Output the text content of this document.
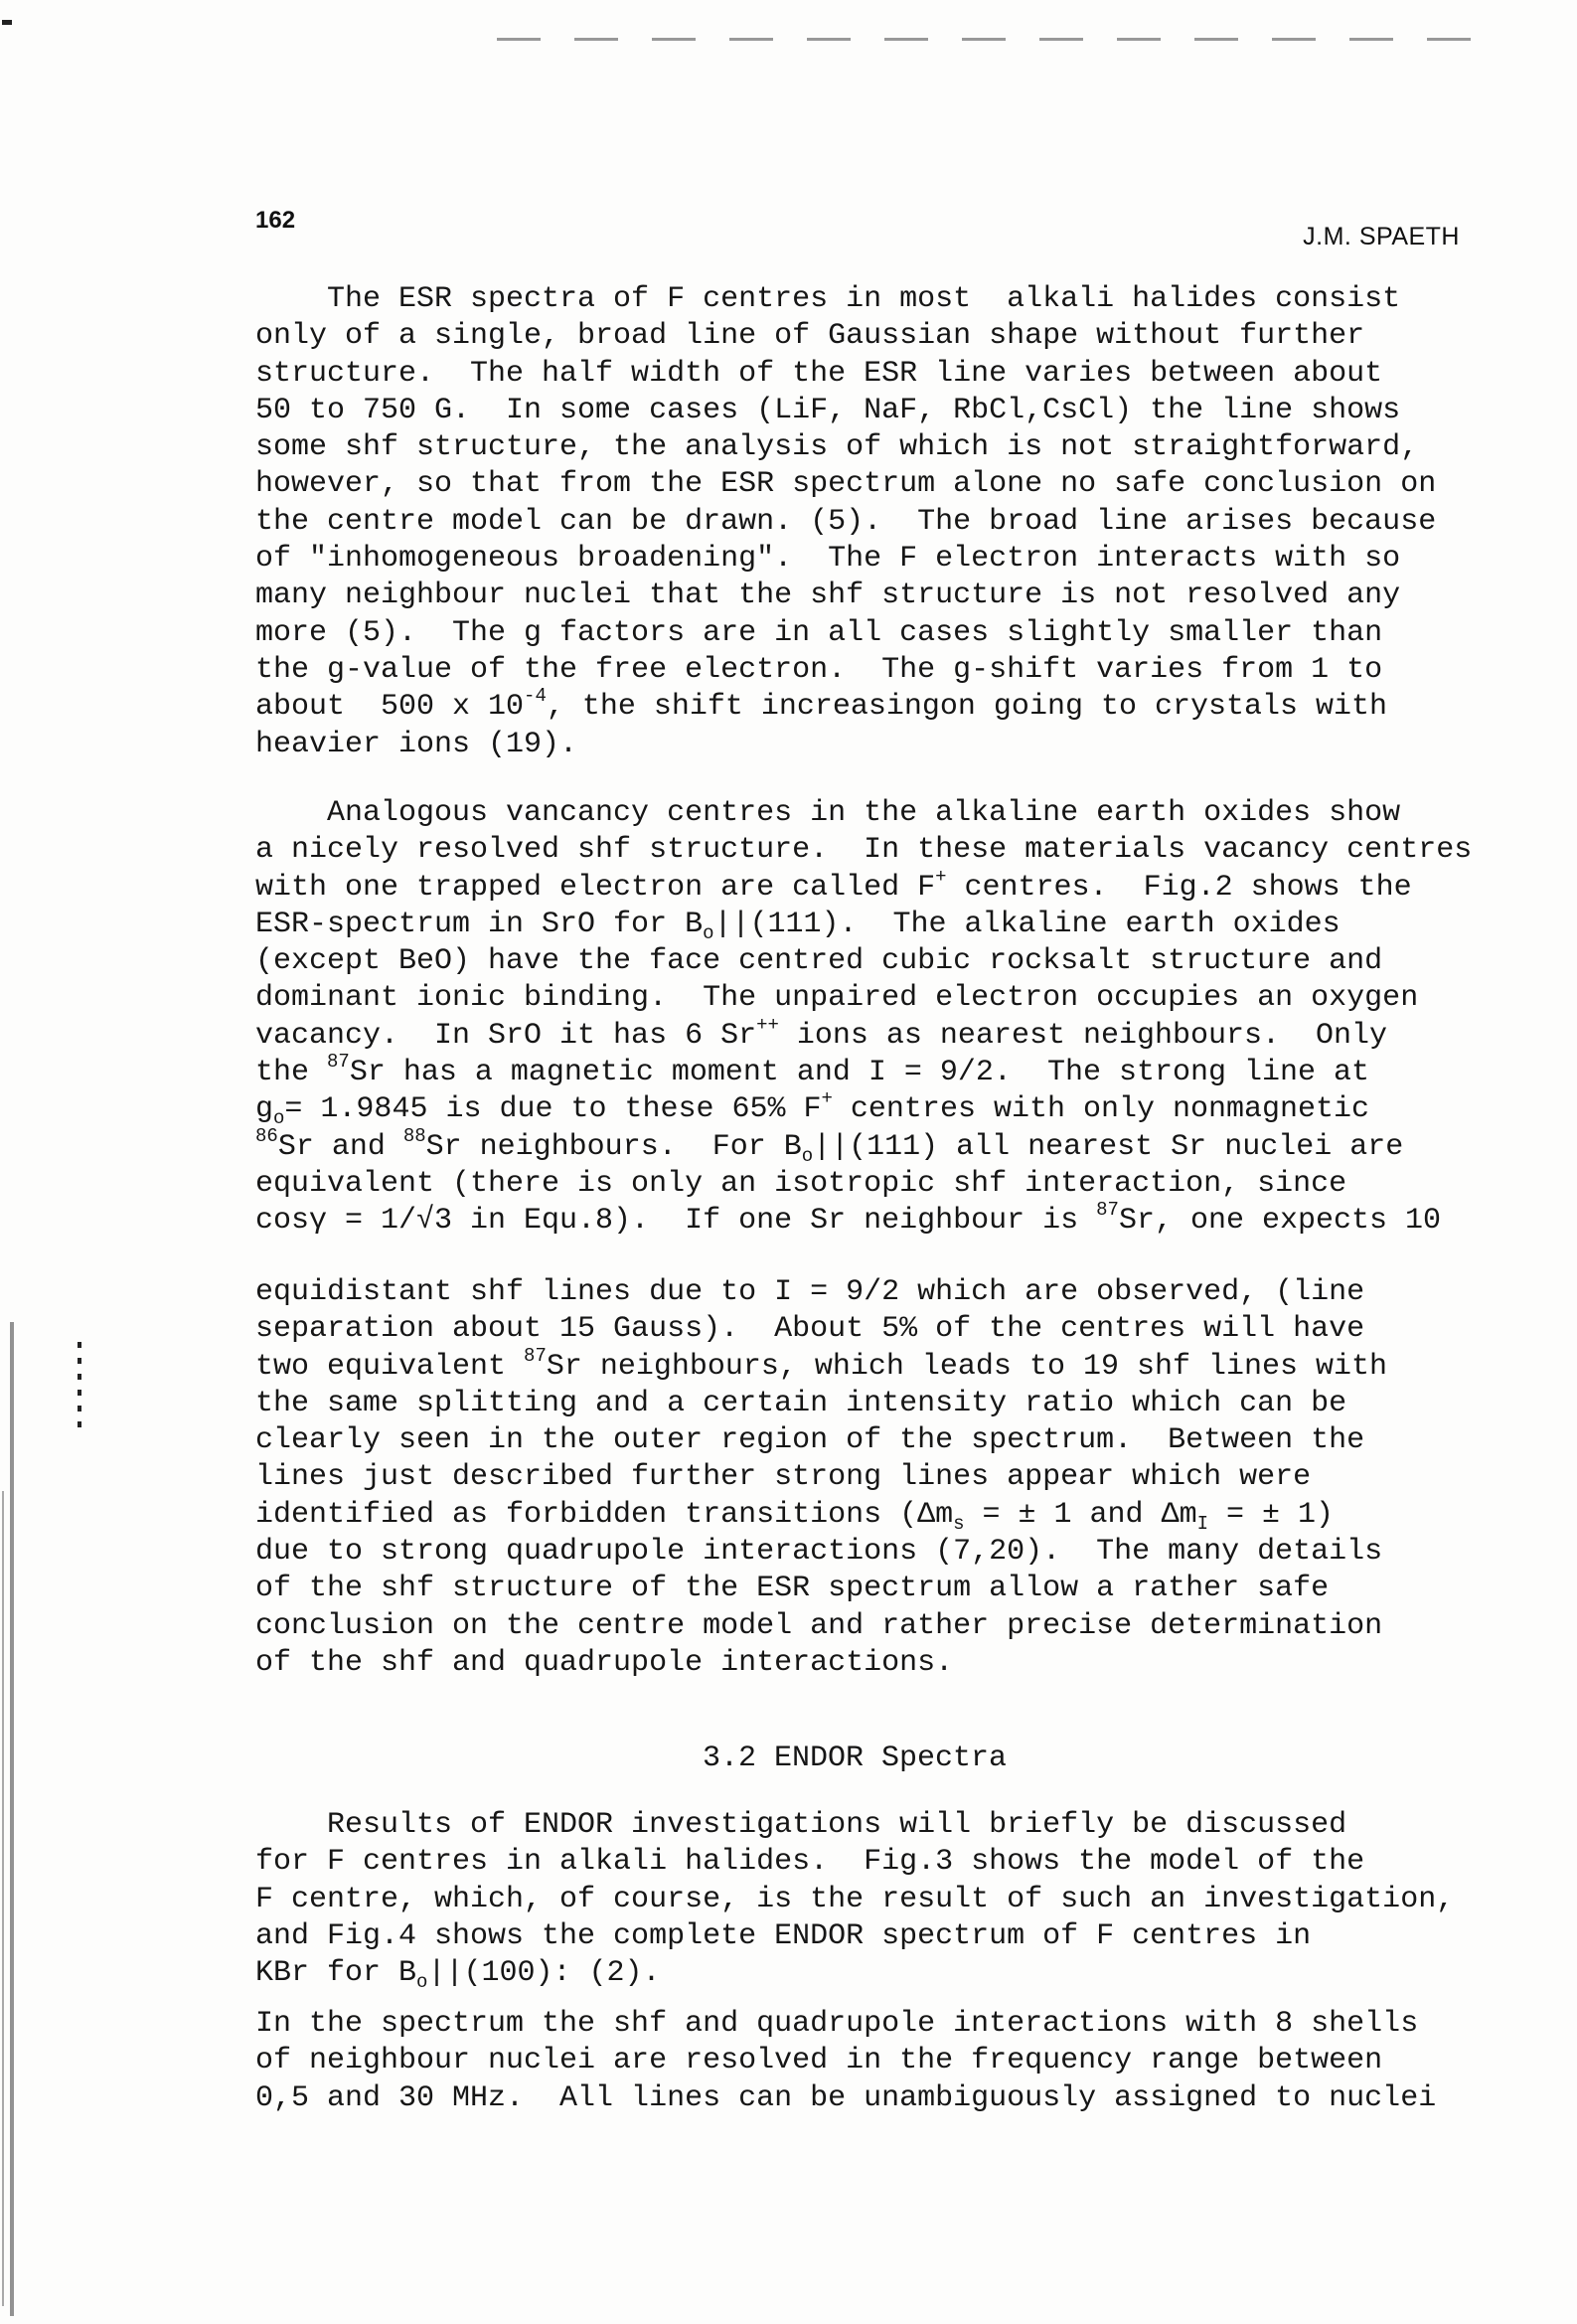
162
J.M. SPAETH
The ESR spectra of F centres in most  alkali halides consist
only of a single, broad line of Gaussian shape without further
structure.  The half width of the ESR line varies between about
50 to 750 G.  In some cases (LiF, NaF, RbCl,CsCl) the line shows
some shf structure, the analysis of which is not straightforward,
however, so that from the ESR spectrum alone no safe conclusion on
the centre model can be drawn. (5).  The broad line arises because
of "inhomogeneous broadening".  The F electron interacts with so
many neighbour nuclei that the shf structure is not resolved any
more (5).  The g factors are in all cases slightly smaller than
the g-value of the free electron.  The g-shift varies from 1 to
about  500 x $10^{-4}$, the shift increasingon going to crystals with
heavier ions (19).
Analogous vancancy centres in the alkaline earth oxides show
a nicely resolved shf structure.  In these materials vacancy centres
with one trapped electron are called F+ centres.  Fig.2 shows the
ESR-spectrum in SrO for $B_o||(111)$.  The alkaline earth oxides
(except BeO) have the face centred cubic rocksalt structure and
dominant ionic binding.  The unpaired electron occupies an oxygen
vacancy.  In SrO it has 6 Sr++ ions as nearest neighbours.  Only
the $^{87}$Sr has a magnetic moment and I = 9/2.  The strong line at
$g_o= 1.9845$ is due to these 65% F+ centres with only nonmagnetic
$^{86}$Sr and $^{88}$Sr neighbours.  For $B_o||(111)$ all nearest Sr nuclei are
equivalent (there is only an isotropic shf interaction, since
cosγ = 1/√3 in Equ.8).  If one Sr neighbour is $^{87}$Sr, one expects 10
equidistant shf lines due to I = 9/2 which are observed, (line
separation about 15 Gauss).  About 5% of the centres will have
two equivalent $^{87}$Sr neighbours, which leads to 19 shf lines with
the same splitting and a certain intensity ratio which can be
clearly seen in the outer region of the spectrum.  Between the
lines just described further strong lines appear which were
identified as forbidden transitions ($\Delta m_s$ = ± 1 and $\Delta m_I$ = ± 1)
due to strong quadrupole interactions (7,20).  The many details
of the shf structure of the ESR spectrum allow a rather safe
conclusion on the centre model and rather precise determination
of the shf and quadrupole interactions.
3.2 ENDOR Spectra
Results of ENDOR investigations will briefly be discussed
for F centres in alkali halides.  Fig.3 shows the model of the
F centre, which, of course, is the result of such an investigation,
and Fig.4 shows the complete ENDOR spectrum of F centres in
KBr for $B_o||(100)$: (2).
In the spectrum the shf and quadrupole interactions with 8 shells
of neighbour nuclei are resolved in the frequency range between
0,5 and 30 MHz.  All lines can be unambiguously assigned to nuclei
